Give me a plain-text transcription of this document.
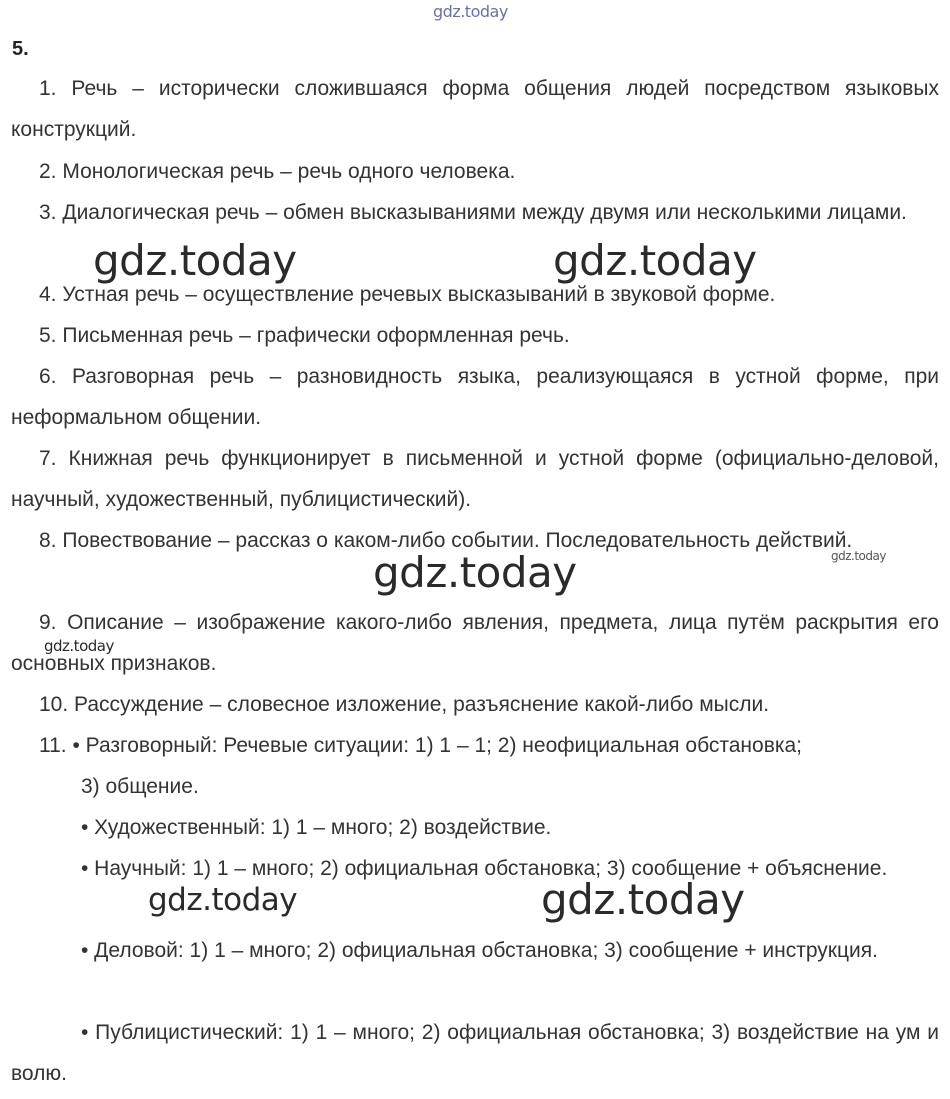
gdz.today
5.

1. Речь – исторически сложившаяся форма общения людей посредством языковых конструкций.

2. Монологическая речь – речь одного человека.

3. Диалогическая речь – обмен высказываниями между двумя или несколькими лицами.

4. Устная речь – осуществление речевых высказываний в звуковой форме.

5. Письменная речь – графически оформленная речь.

6. Разговорная речь – разновидность языка, реализующаяся в устной форме, при неформальном общении.

7. Книжная речь функционирует в письменной и устной форме (официально-деловой, научный, художественный, публицистический).

8. Повествование – рассказ о каком-либо событии. Последовательность действий.

9. Описание – изображение какого-либо явления, предмета, лица путём раскрытия его основных признаков.

10. Рассуждение – словесное изложение, разъяснение какой-либо мысли.

11. • Разговорный: Речевые ситуации: 1) 1 – 1; 2) неофициальная обстановка;

3) общение.

• Художественный: 1) 1 – много; 2) воздействие.

• Научный: 1) 1 – много; 2) официальная обстановка; 3) сообщение + объяснение.

• Деловой: 1) 1 – много; 2) официальная обстановка; 3) сообщение + инструкция.

• Публицистический: 1) 1 – много; 2) официальная обстановка; 3) воздействие на ум и волю.

gdz.today	gdz.today
gdz.today	gdz.today
gdz.today
gdz.today	gdz.today
